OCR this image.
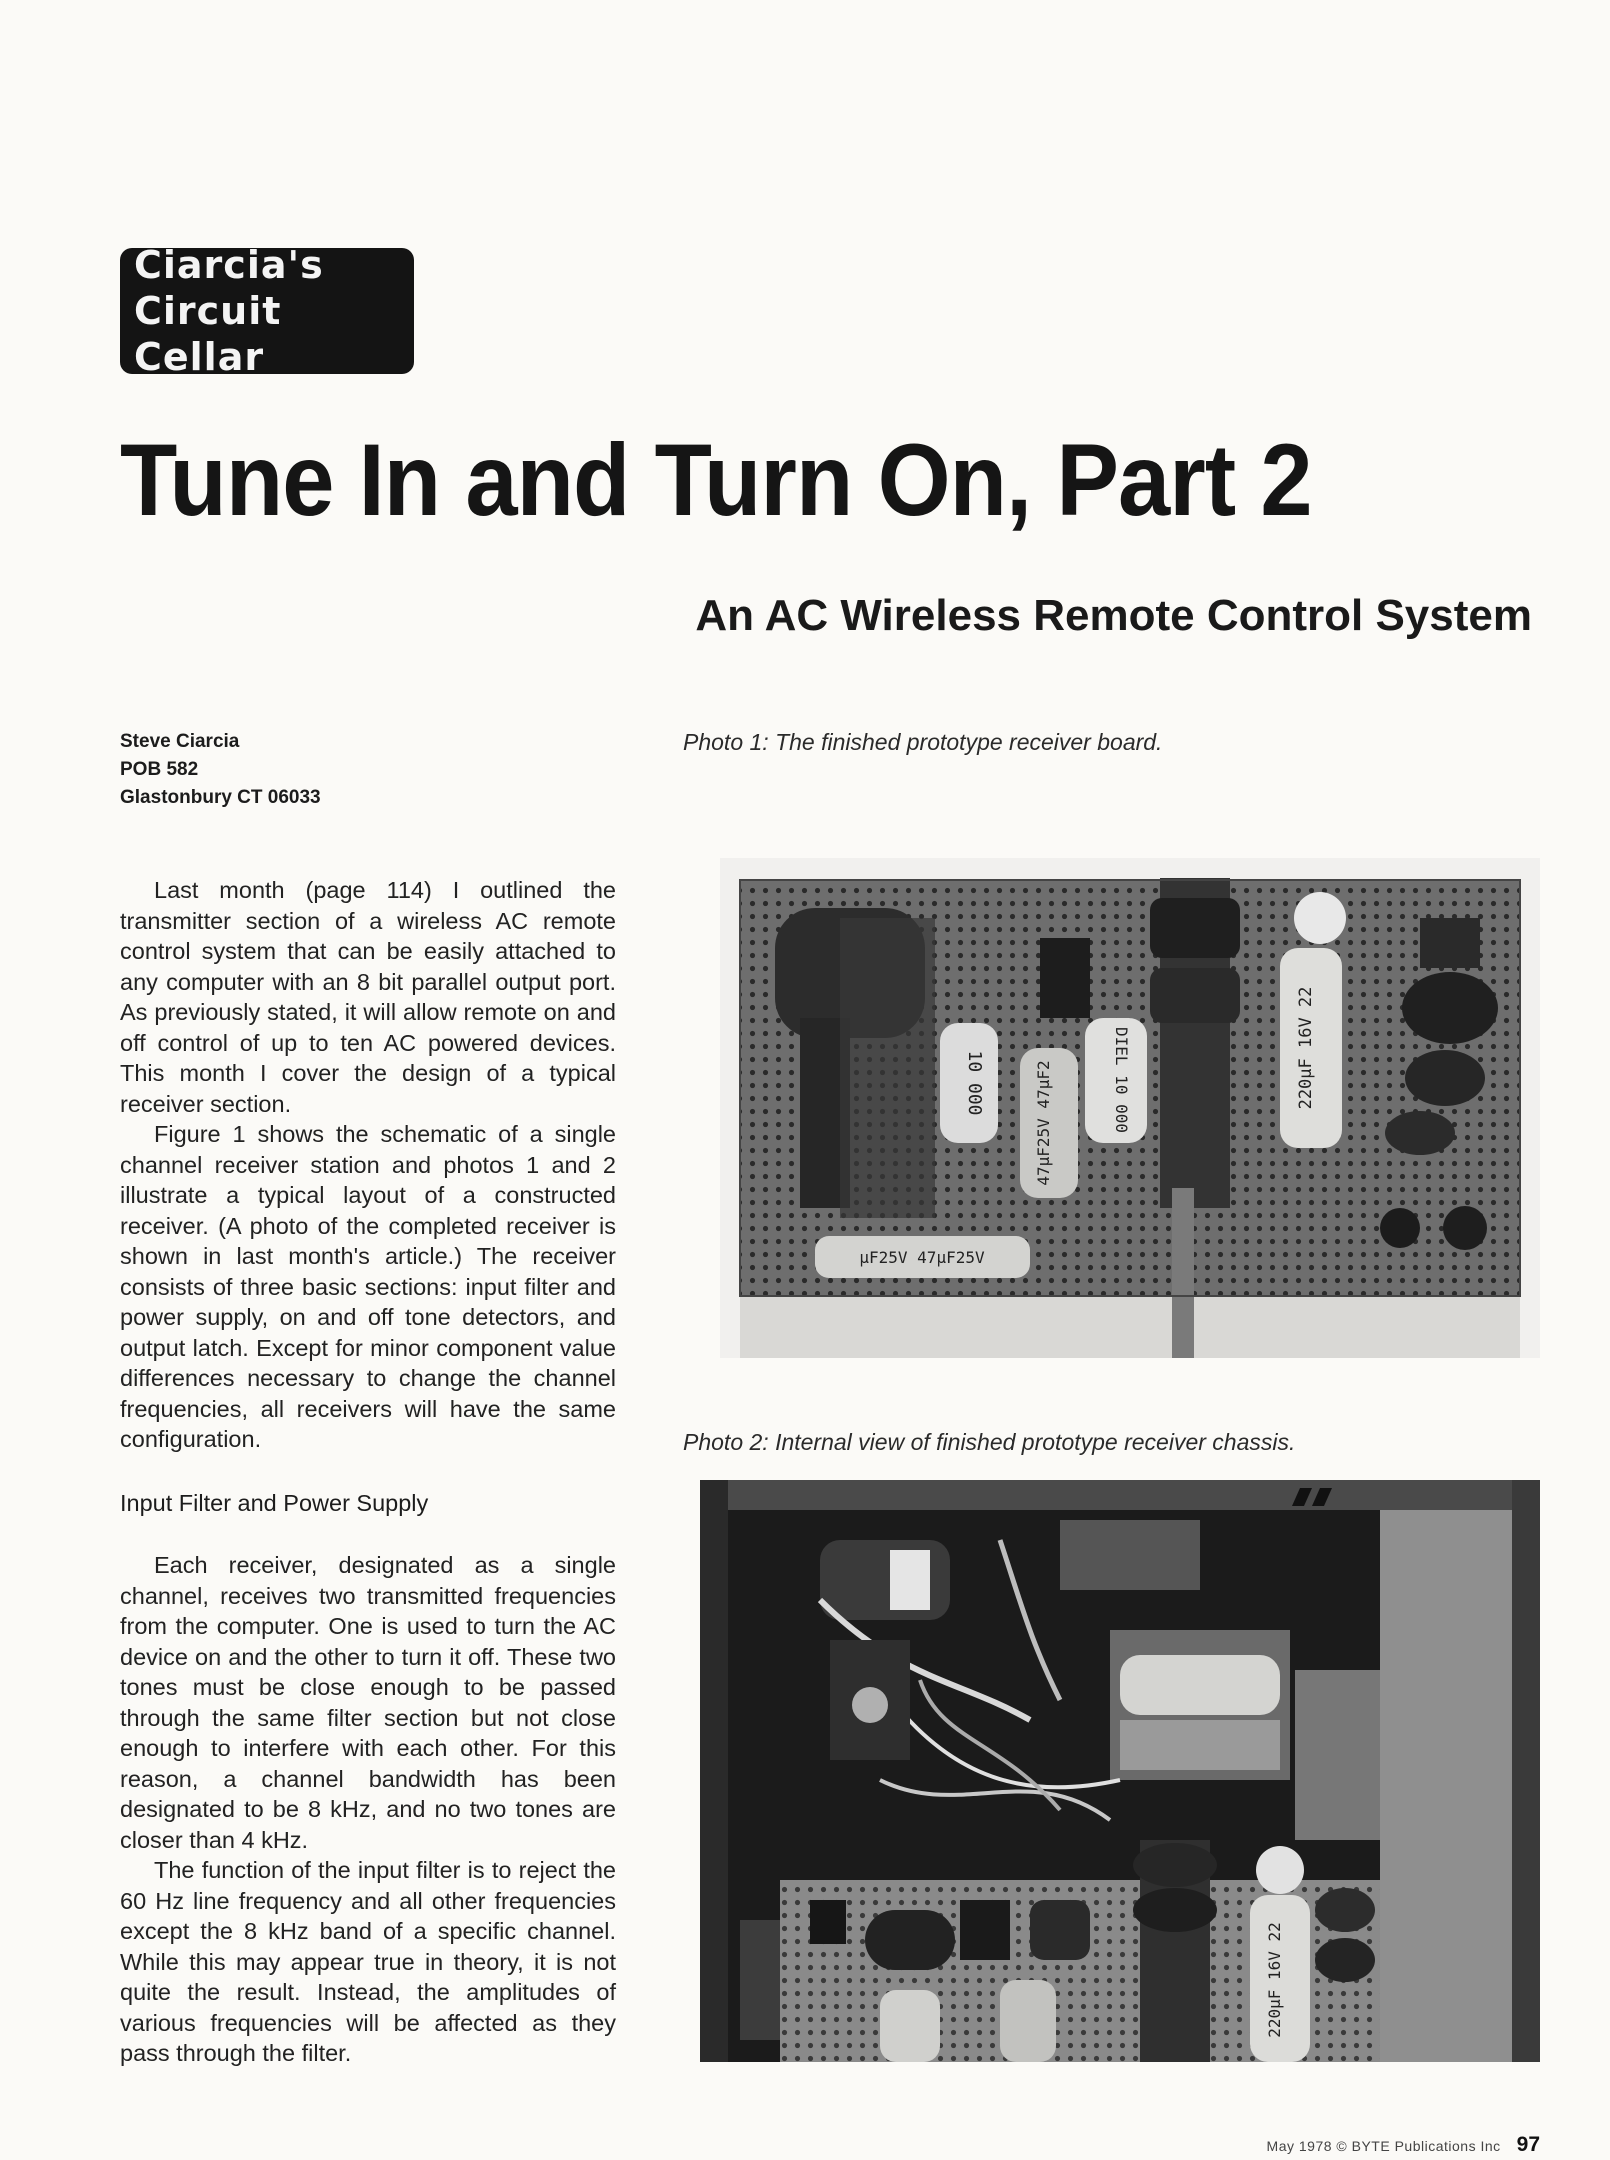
Ciarcia's
Circuit Cellar
Tune In and Turn On, Part 2
An AC Wireless Remote Control System
Steve Ciarcia
POB 582
Glastonbury CT 06033

Last month (page 114) I outlined the transmitter section of a wireless AC remote control system that can be easily attached to any computer with an 8 bit parallel output port. As previously stated, it will allow remote on and off control of up to ten AC powered devices. This month I cover the design of a typical receiver section.

Figure 1 shows the schematic of a single channel receiver station and photos 1 and 2 illustrate a typical layout of a constructed receiver. (A photo of the completed receiver is shown in last month's article.) The receiver consists of three basic sections: input filter and power supply, on and off tone detectors, and output latch. Except for minor component value differences necessary to change the channel frequencies, all receivers will have the same configuration.

Input Filter and Power Supply

Each receiver, designated as a single channel, receives two transmitted frequencies from the computer. One is used to turn the AC device on and the other to turn it off. These two tones must be close enough to be passed through the same filter section but not close enough to interfere with each other. For this reason, a channel bandwidth has been designated to be 8 kHz, and no two tones are closer than 4 kHz.

The function of the input filter is to reject the 60 Hz line frequency and all other frequencies except the 8 kHz band of a specific channel. While this may appear true in theory, it is not quite the result. Instead, the amplitudes of various frequencies will be affected as they pass through the filter.

Photo 1: The finished prototype receiver board.
10 000	47µF25V 47µF2	DIEL 10 000	220µF 16V 22
µF25V 47µF25V
Photo 2: Internal view of finished prototype receiver chassis.
220µF 16V 22
May 1978 © BYTE Publications Inc 97
